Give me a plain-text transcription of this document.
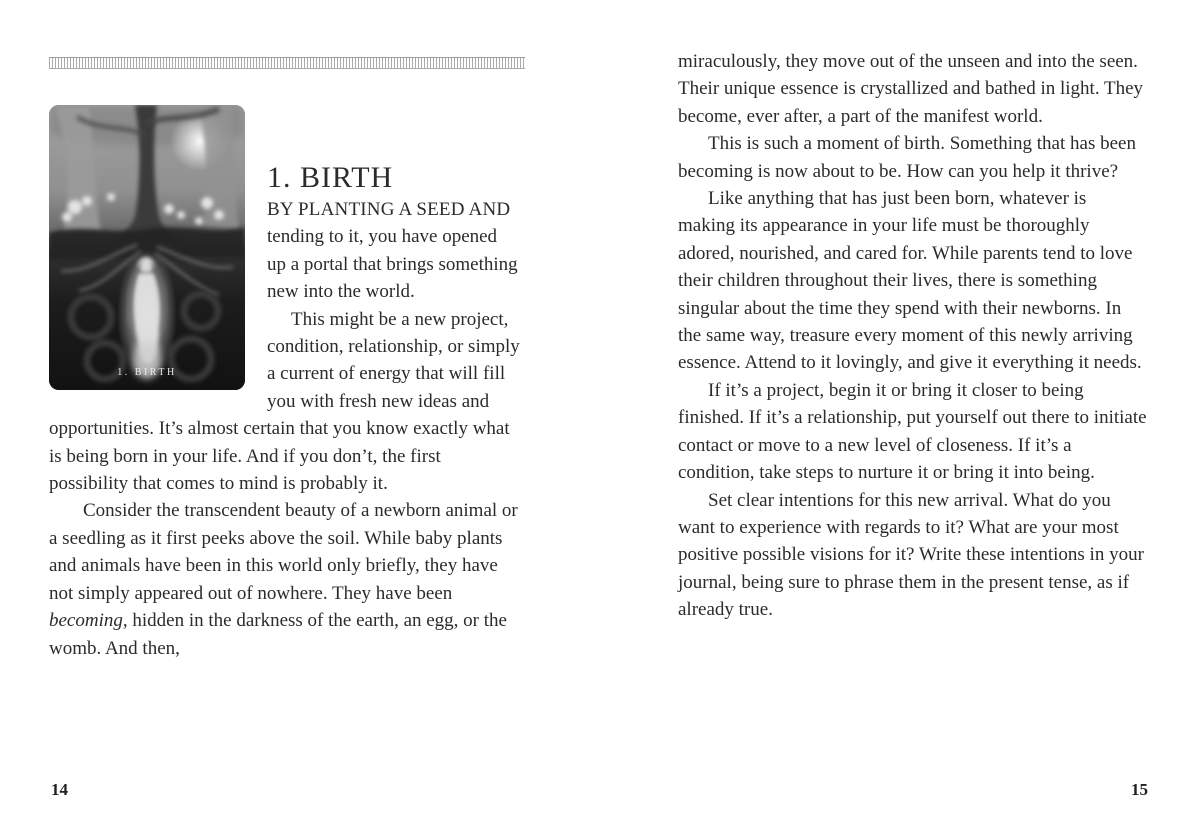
1. BIRTH
1. BIRTH

BY PLANTING A SEED AND tending to it, you have opened up a portal that brings something new into the world.

This might be a new project, condition, relationship, or simply a current of energy that will fill you with fresh new ideas and opportunities. It’s almost certain that you know exactly what is being born in your life. And if you don’t, the first possibility that comes to mind is probably it.

Consider the transcendent beauty of a newborn animal or a seedling as it first peeks above the soil. While baby plants and animals have been in this world only briefly, they have not simply appeared out of nowhere. They have been becoming, hidden in the darkness of the earth, an egg, or the womb. And then,

14

miraculously, they move out of the unseen and into the seen. Their unique essence is crystallized and bathed in light. They become, ever after, a part of the manifest world.

This is such a moment of birth. Something that has been becoming is now about to be. How can you help it thrive?

Like anything that has just been born, whatever is making its appearance in your life must be thoroughly adored, nourished, and cared for. While parents tend to love their children throughout their lives, there is something singular about the time they spend with their newborns. In the same way, treasure every moment of this newly arriving essence. Attend to it lovingly, and give it everything it needs.

If it’s a project, begin it or bring it closer to being finished. If it’s a relationship, put yourself out there to initiate contact or move to a new level of closeness. If it’s a condition, take steps to nurture it or bring it into being.

Set clear intentions for this new arrival. What do you want to experience with regards to it? What are your most positive possible visions for it? Write these intentions in your journal, being sure to phrase them in the present tense, as if already true.

15
